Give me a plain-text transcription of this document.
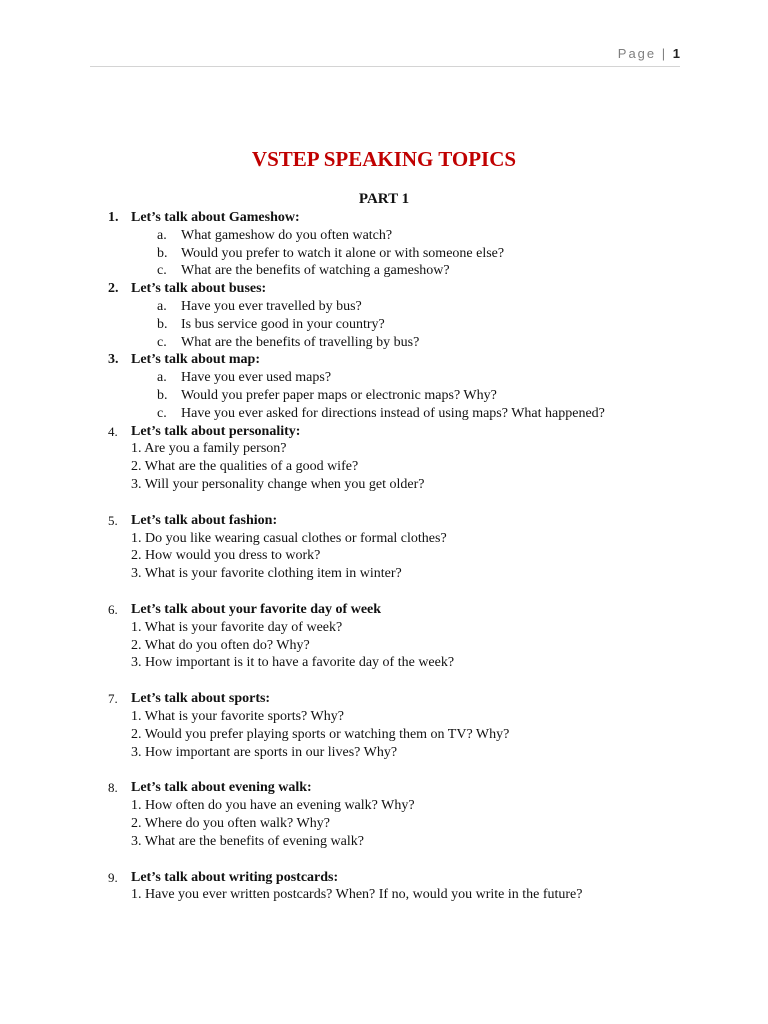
Page | 1
VSTEP SPEAKING TOPICS
PART 1
1. Let’s talk about Gameshow:
a. What gameshow do you often watch?
b. Would you prefer to watch it alone or with someone else?
c. What are the benefits of watching a gameshow?
2. Let’s talk about buses:
a. Have you ever travelled by bus?
b. Is bus service good in your country?
c. What are the benefits of travelling by bus?
3. Let’s talk about map:
a. Have you ever used maps?
b. Would you prefer paper maps or electronic maps? Why?
c. Have you ever asked for directions instead of using maps? What happened?
4. Let’s talk about personality:
1. Are you a family person?
2. What are the qualities of a good wife?
3. Will your personality change when you get older?
5. Let’s talk about fashion:
1. Do you like wearing casual clothes or formal clothes?
2. How would you dress to work?
3. What is your favorite clothing item in winter?
6. Let’s talk about your favorite day of week
1. What is your favorite day of week?
2. What do you often do? Why?
3. How important is it to have a favorite day of the week?
7. Let’s talk about sports:
1. What is your favorite sports? Why?
2. Would you prefer playing sports or watching them on TV? Why?
3. How important are sports in our lives? Why?
8. Let’s talk about evening walk:
1. How often do you have an evening walk? Why?
2. Where do you often walk? Why?
3. What are the benefits of evening walk?
9. Let’s talk about writing postcards:
1. Have you ever written postcards? When? If no, would you write in the future?
